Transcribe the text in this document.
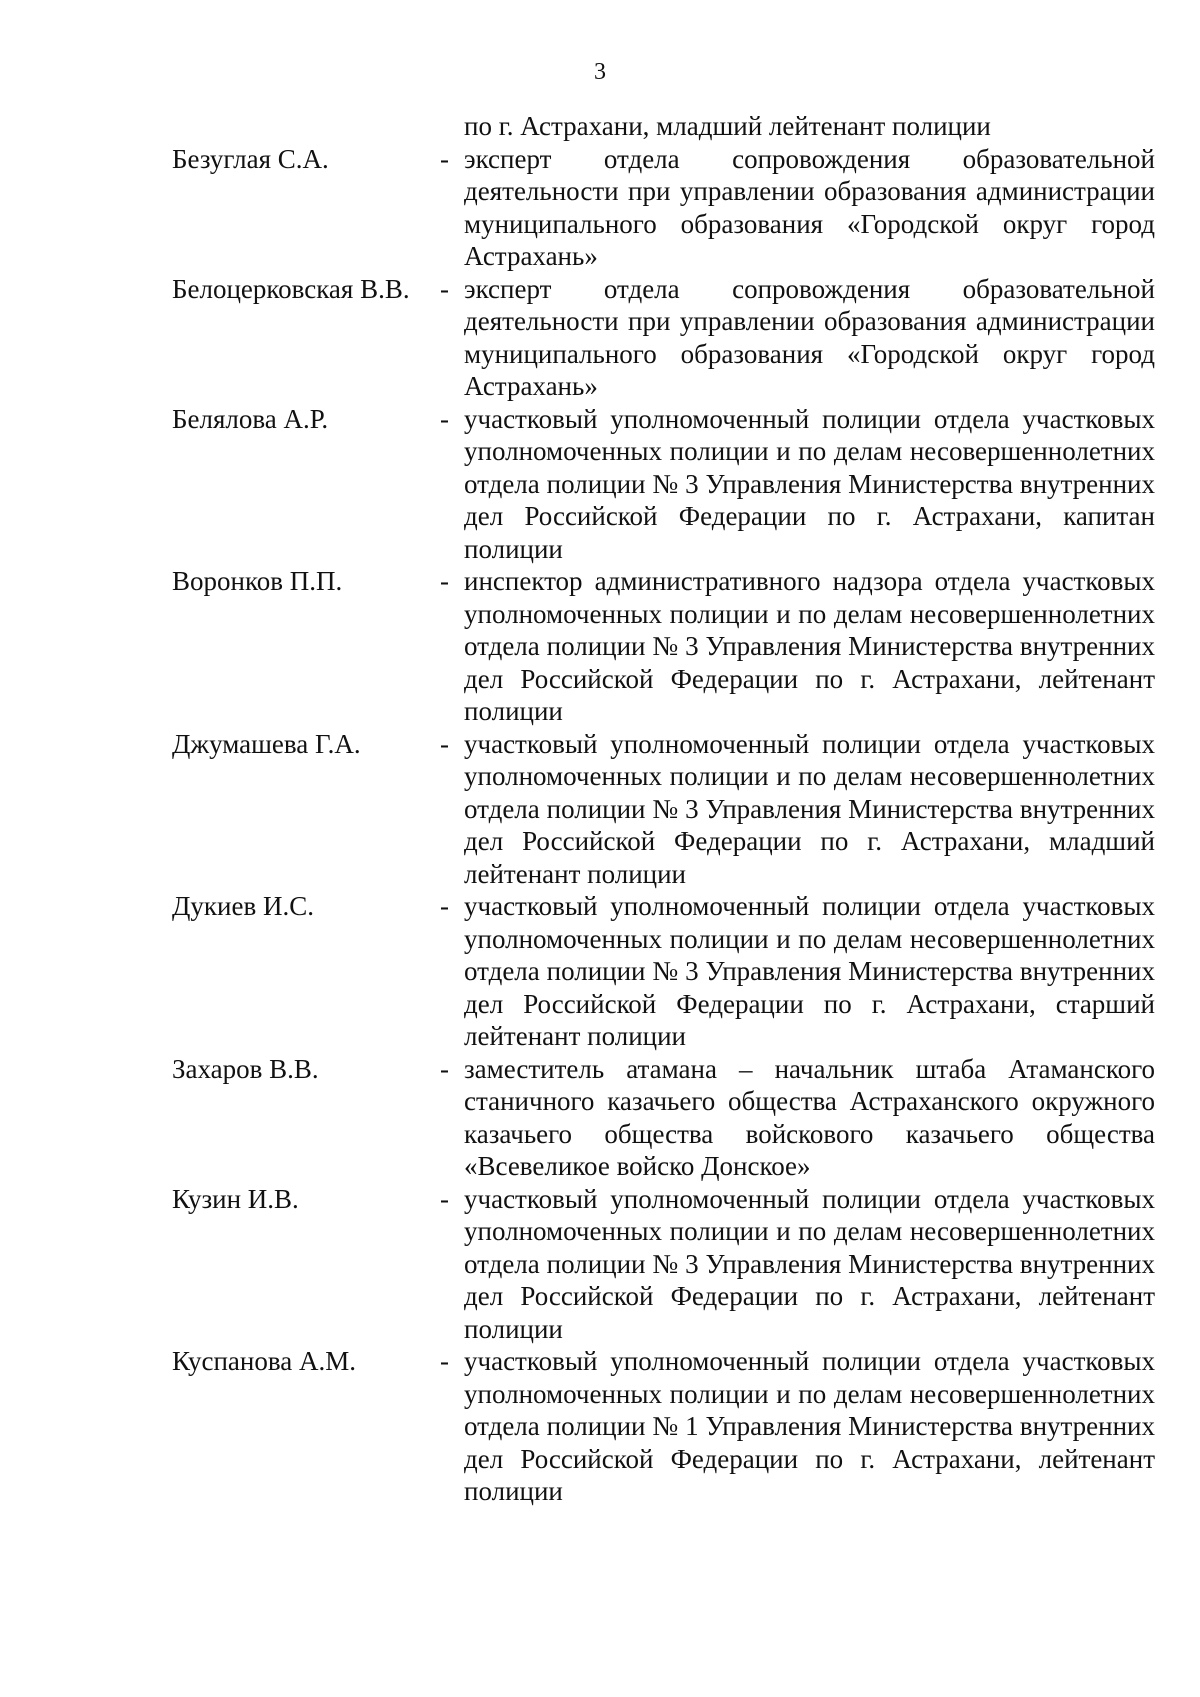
3
по г. Астрахани, младший лейтенант полиции
Безуглая С.А.	- эксперт отдела сопровождения образовательной деятельности при управлении образования администрации муниципального образования «Городской округ город Астрахань»
Белоцерковская В.В.	- эксперт отдела сопровождения образовательной деятельности при управлении образования администрации муниципального образования «Городской округ город Астрахань»
Белялова А.Р.	- участковый уполномоченный полиции отдела участковых уполномоченных полиции и по делам несовершеннолетних отдела полиции № 3 Управления Министерства внутренних дел Российской Федерации по г. Астрахани, капитан полиции
Воронков П.П.	- инспектор административного надзора отдела участковых уполномоченных полиции и по делам несовершеннолетних отдела полиции № 3 Управления Министерства внутренних дел Российской Федерации по г. Астрахани, лейтенант полиции
Джумашева Г.А.	- участковый уполномоченный полиции отдела участковых уполномоченных полиции и по делам несовершеннолетних отдела полиции № 3 Управления Министерства внутренних дел Российской Федерации по г. Астрахани, младший лейтенант полиции
Дукиев И.С.	- участковый уполномоченный полиции отдела участковых уполномоченных полиции и по делам несовершеннолетних отдела полиции № 3 Управления Министерства внутренних дел Российской Федерации по г. Астрахани, старший лейтенант полиции
Захаров В.В.	- заместитель атамана – начальник штаба Атаманского станичного казачьего общества Астраханского окружного казачьего общества войскового казачьего общества «Всевеликое войско Донское»
Кузин И.В.	- участковый уполномоченный полиции отдела участковых уполномоченных полиции и по делам несовершеннолетних отдела полиции № 3 Управления Министерства внутренних дел Российской Федерации по г. Астрахани, лейтенант полиции
Куспанова А.М.	- участковый уполномоченный полиции отдела участковых уполномоченных полиции и по делам несовершеннолетних отдела полиции № 1 Управления Министерства внутренних дел Российской Федерации по г. Астрахани, лейтенант полиции
